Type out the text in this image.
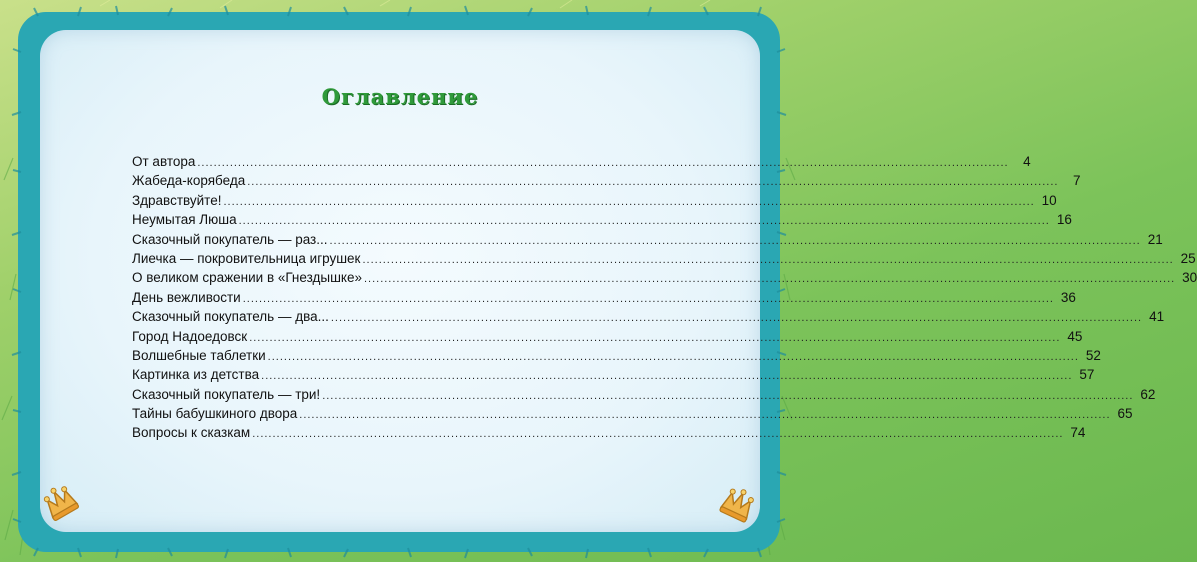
Оглавление
От автора ........................................................................................................................................................................................................	4
Жабеда-корябеда ........................................................................................................................................................................................................	7
Здравствуйте! ........................................................................................................................................................................................................ 10
Неумытая Люша ........................................................................................................................................................................................................ 16
Сказочный покупатель — раз... ........................................................................................................................................................................................................ 21
Лиечка — покровительница игрушек ........................................................................................................................................................................................................ 25
О великом сражении в «Гнездышке» ........................................................................................................................................................................................................ 30
День вежливости ........................................................................................................................................................................................................ 36
Сказочный покупатель — два... ........................................................................................................................................................................................................ 41
Город Надоедовск ........................................................................................................................................................................................................ 45
Волшебные таблетки ........................................................................................................................................................................................................ 52
Картинка из детства ........................................................................................................................................................................................................ 57
Сказочный покупатель — три! ........................................................................................................................................................................................................ 62
Тайны бабушкиного двора ........................................................................................................................................................................................................ 65
Вопросы к сказкам ........................................................................................................................................................................................................ 74
